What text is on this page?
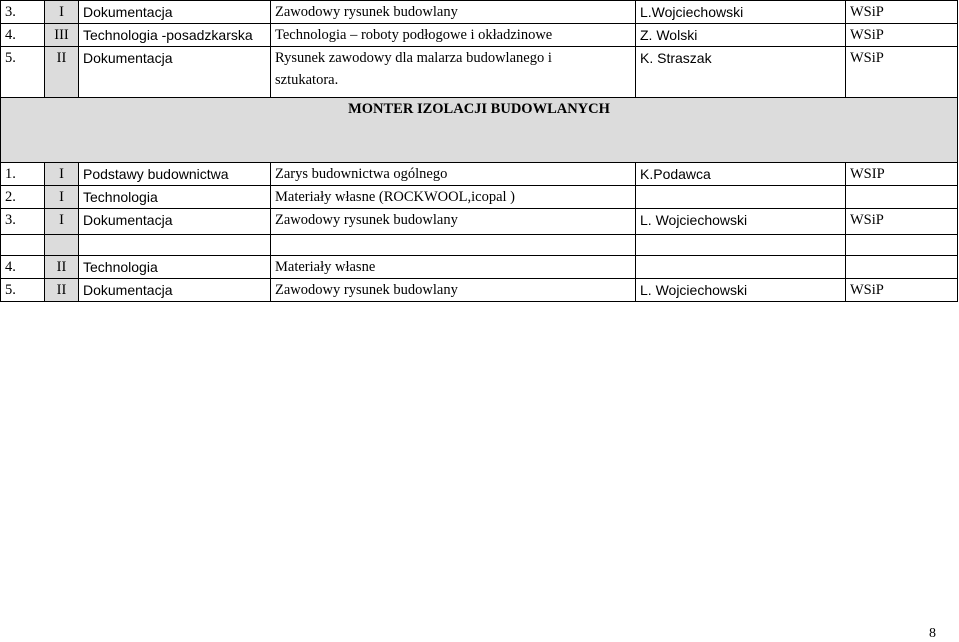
3.	I	Dokumentacja	Zawodowy rysunek budowlany	L.Wojciechowski	WSiP
4.	III	Technologia -posadzkarska	Technologia – roboty podłogowe i okładzinowe	Z. Wolski	WSiP
5.	II	Dokumentacja	Rysunek zawodowy dla malarza budowlanego i
sztukatora.	K. Straszak	WSiP
MONTER IZOLACJI BUDOWLANYCH					
1.	I	Podstawy budownictwa	Zarys budownictwa ogólnego	K.Podawca	WSIP
2.	I	Technologia	Materiały własne (ROCKWOOL,icopal )		
3.	I	Dokumentacja	Zawodowy rysunek budowlany	L. Wojciechowski	WSiP

4.	II	Technologia	Materiały własne		
5.	II	Dokumentacja	Zawodowy rysunek budowlany	L. Wojciechowski	WSiP
8
